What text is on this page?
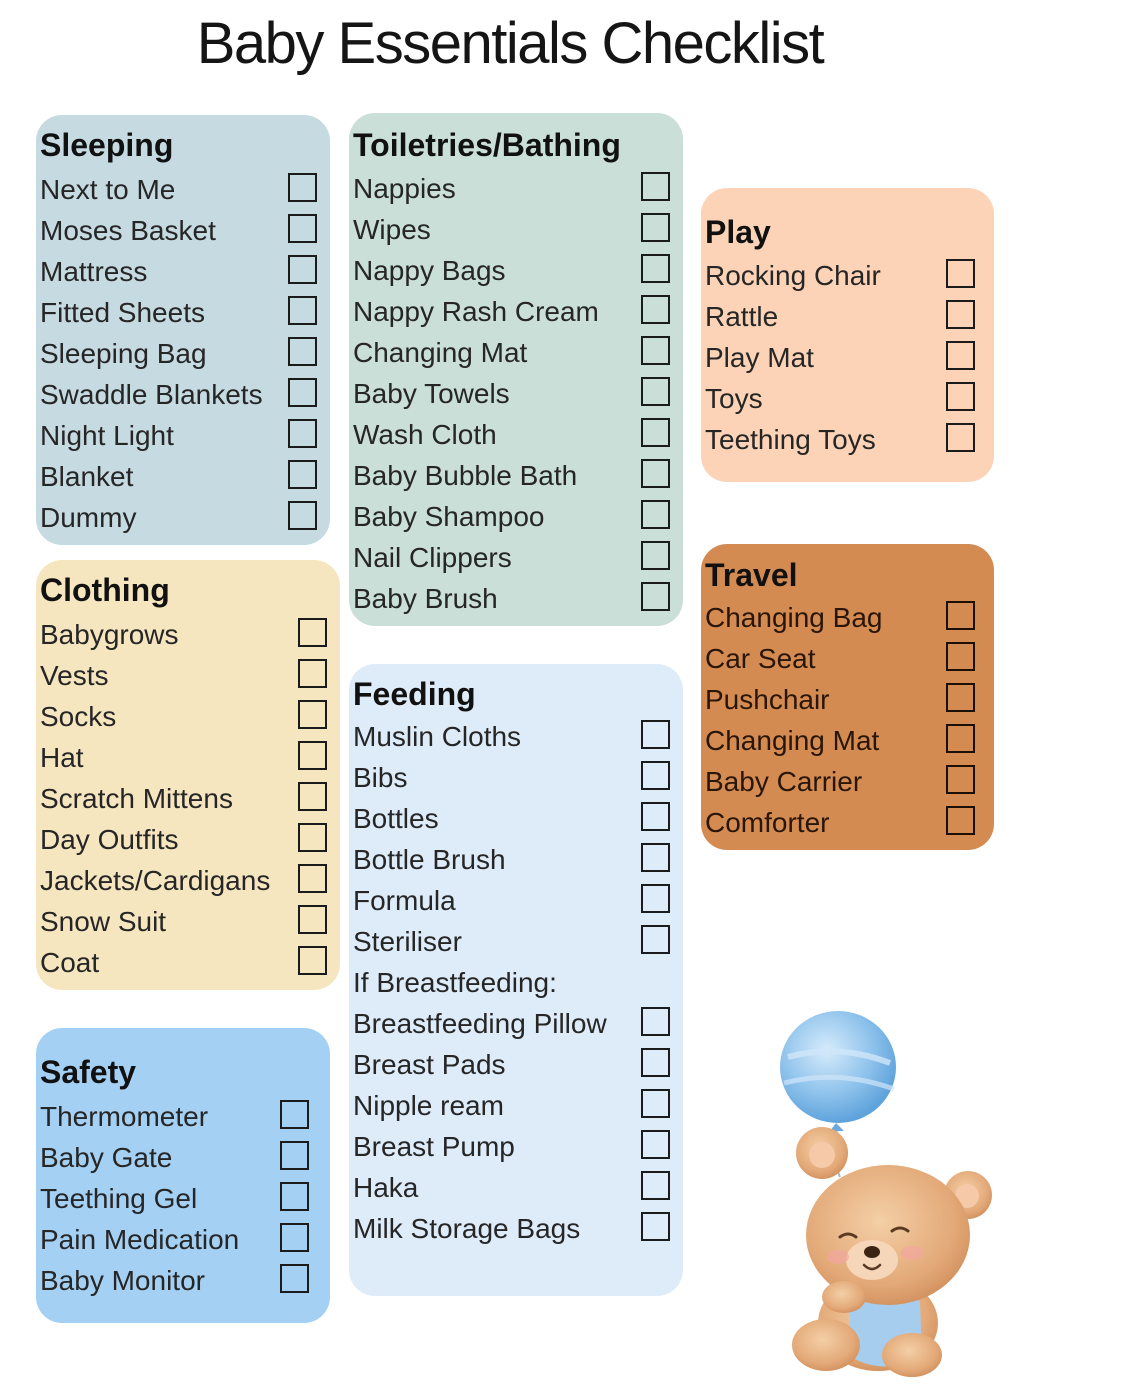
Baby Essentials Checklist
Sleeping
Next to Me
Moses Basket
Mattress
Fitted Sheets
Sleeping Bag
Swaddle Blankets
Night Light
Blanket
Dummy
Clothing
Babygrows
Vests
Socks
Hat
Scratch Mittens
Day Outfits
Jackets/Cardigans
Snow Suit
Coat
Safety
Thermometer
Baby Gate
Teething Gel
Pain Medication
Baby Monitor
Toiletries/Bathing
Nappies
Wipes
Nappy Bags
Nappy Rash Cream
Changing Mat
Baby Towels
Wash Cloth
Baby Bubble Bath
Baby Shampoo
Nail Clippers
Baby Brush
Feeding
Muslin Cloths
Bibs
Bottles
Bottle Brush
Formula
Steriliser
If Breastfeeding:
Breastfeeding Pillow
Breast Pads
Nipple ream
Breast Pump
Haka
Milk Storage Bags
Play
Rocking Chair
Rattle
Play Mat
Toys
Teething Toys
Travel
Changing Bag
Car Seat
Pushchair
Changing Mat
Baby Carrier
Comforter
